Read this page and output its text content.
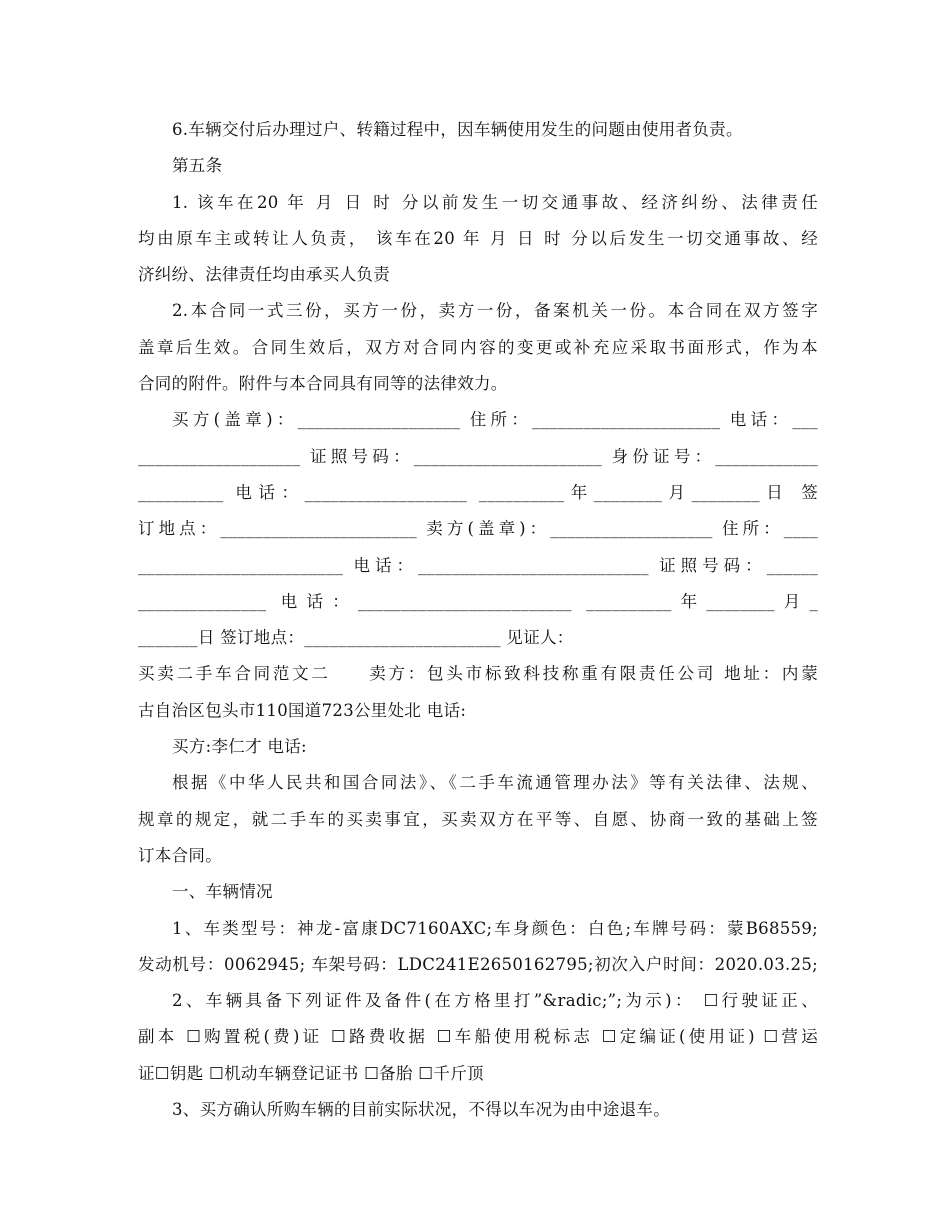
6.车辆交付后办理过户、转籍过程中，因车辆使用发生的问题由使用者负责。
第五条
1. 该车在20 年 月 日 时 分以前发生一切交通事故、经济纠纷、法律责任
均由原车主或转让人负责， 该车在20 年 月 日 时 分以后发生一切交通事故、经
济纠纷、法律责任均由承买人负责
2.本合同一式三份，买方一份，卖方一份，备案机关一份。本合同在双方签字
盖章后生效。合同生效后，双方对合同内容的变更或补充应采取书面形式，作为本
合同的附件。附件与本合同具有同等的法律效力。
买方(盖章)：___________________ 住所：______________________ 电话：___
___________________ 证照号码：______________________ 身份证号：____________
__________ 电话：___________________ __________年________月________日 签
订地点：_______________________ 卖方(盖章)：___________________ 住所：____
________________________ 电话：___________________________ 证照号码：______
_______________ 电话：_________________________ __________年________月_
_______日 签订地点：_______________________ 见证人：
买卖二手车合同范文二　　卖方：包头市标致科技称重有限责任公司 地址：内蒙
古自治区包头市110国道723公里处北 电话:
买方:李仁才 电话:
根据《中华人民共和国合同法》、《二手车流通管理办法》等有关法律、法规、
规章的规定，就二手车的买卖事宜，买卖双方在平等、自愿、协商一致的基础上签
订本合同。
一、车辆情况
1、车类型号：神龙-富康DC7160AXC;车身颜色：白色;车牌号码：蒙B68559;
发动机号：0062945; 车架号码：LDC241E2650162795;初次入户时间：2020.03.25;
2、车辆具备下列证件及备件(在方格里打”&radic;”;为示)： ☐行驶证正、
副本 ☐购置税(费)证 ☐路费收据 ☐车船使用税标志 ☐定编证(使用证) ☐营运
证☐钥匙 ☐机动车辆登记证书 ☐备胎 ☐千斤顶
3、买方确认所购车辆的目前实际状况，不得以车况为由中途退车。
